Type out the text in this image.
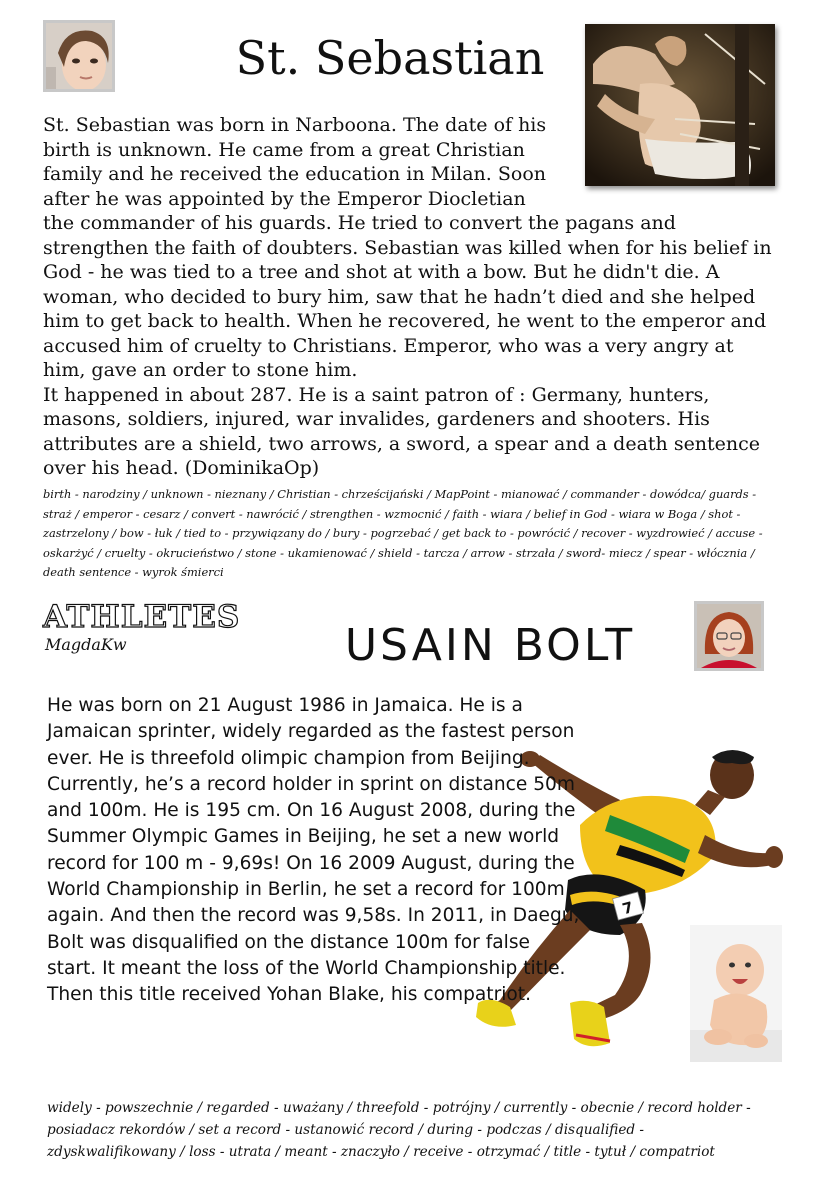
St. Sebastian

St. Sebastian was born in Narboona. The date of his birth is unknown. He came from a great Christian family and he received the education in Milan. Soon after he was appointed by the Emperor Diocletian the commander of his guards. He tried to convert the pagans and strengthen the faith of doubters. Sebastian was killed when for his belief in God - he was tied to a tree and shot at with a bow. But he didn't die. A woman, who decided to bury him, saw that he hadn’t died and she helped him to get back to health. When he recovered, he went to the emperor and accused him of cruelty to Christians. Emperor, who was a very angry at him, gave an order to stone him.

It happened in about 287. He is a saint patron of : Germany, hunters, masons, soldiers, injured, war invalides, gardeners and shooters. His attributes are a shield, two arrows, a sword, a spear and a death sentence over his head. (DominikaOp)

birth - narodziny / unknown - nieznany / Christian - chrześcijański / MapPoint - mianować / commander - dowódca/ guards - straż / emperor - cesarz / convert - nawrócić / strengthen - wzmocnić / faith - wiara / belief in God - wiara w Boga / shot - zastrzelony / bow - łuk / tied to - przywiązany do / bury - pogrzebać / get back to - powrócić / recover - wyzdrowieć / accuse - oskarżyć / cruelty - okrucieństwo / stone - ukamienować / shield - tarcza / arrow - strzała / sword- miecz / spear - włócznia / death sentence - wyrok śmierci
ATHLETES
MagdaKw	USAIN BOLT
7
He was born on 21 August 1986 in Jamaica. He is a Jamaican sprinter, widely regarded as the fastest person ever. He is threefold olimpic champion from Beijing. Currently, he’s a record holder in sprint on distance 50m and 100m. He is 195 cm. On 16 August 2008, during the Summer Olympic Games in Beijing, he set a new world record for 100 m - 9,69s! On 16 2009 August, during the World Championship in Berlin, he set a record for 100m again. And then the record was 9,58s. In 2011, in Daegu, Bolt was disqualified on the distance 100m for false start. It meant the loss of the World Championship title. Then this title received Yohan Blake, his compatriot.
widely - powszechnie / regarded - uważany / threefold - potrójny / currently - obecnie / record holder - posiadacz rekordów / set a record - ustanowić record / during - podczas / disqualified - zdyskwalifikowany / loss - utrata / meant - znaczyło / receive - otrzymać / title - tytuł / compatriot
